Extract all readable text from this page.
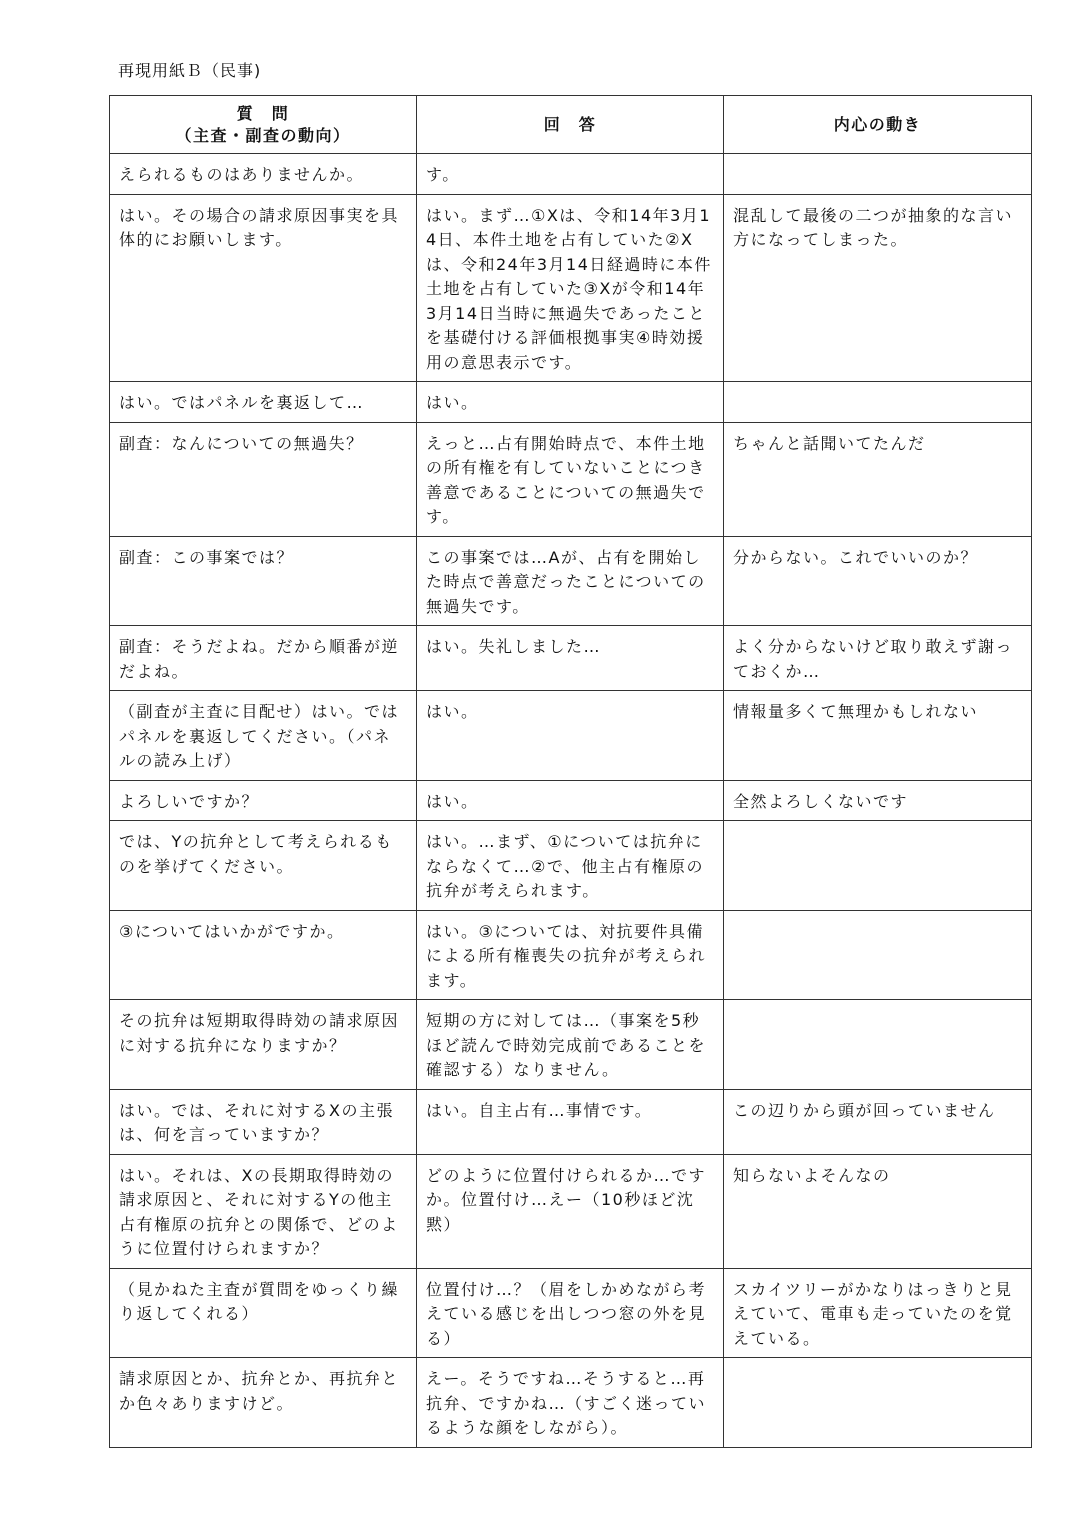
再現用紙Ｂ（民事)
質　問
（主査・副査の動向）	回　答	内心の動き
えられるものはありませんか。	す。	
はい。その場合の請求原因事実を具体的にお願いします。	はい。まず…①Xは、令和14年3月14日、本件土地を占有していた②Xは、令和24年3月14日経過時に本件土地を占有していた③Xが令和14年3月14日当時に無過失であったことを基礎付ける評価根拠事実④時効援用の意思表示です。	混乱して最後の二つが抽象的な言い方になってしまった。
はい。ではパネルを裏返して…	はい。	
副査：なんについての無過失？	えっと…占有開始時点で、本件土地の所有権を有していないことにつき善意であることについての無過失です。	ちゃんと話聞いてたんだ
副査：この事案では？	この事案では…Aが、占有を開始した時点で善意だったことについての無過失です。	分からない。これでいいのか？
副査：そうだよね。だから順番が逆だよね。	はい。失礼しました…	よく分からないけど取り敢えず謝っておくか…
（副査が主査に目配せ）はい。ではパネルを裏返してください。（パネルの読み上げ）	はい。	情報量多くて無理かもしれない
よろしいですか？	はい。	全然よろしくないです
では、Yの抗弁として考えられるものを挙げてください。	はい。…まず、①については抗弁にならなくて…②で、他主占有権原の抗弁が考えられます。	
③についてはいかがですか。	はい。③については、対抗要件具備による所有権喪失の抗弁が考えられます。	
その抗弁は短期取得時効の請求原因に対する抗弁になりますか？	短期の方に対しては…（事案を5秒ほど読んで時効完成前であることを確認する）なりません。	
はい。では、それに対するXの主張は、何を言っていますか？	はい。自主占有…事情です。	この辺りから頭が回っていません
はい。それは、Xの長期取得時効の請求原因と、それに対するYの他主占有権原の抗弁との関係で、どのように位置付けられますか？	どのように位置付けられるか…ですか。位置付け…えー（10秒ほど沈黙）	知らないよそんなの
（見かねた主査が質問をゆっくり繰り返してくれる）	位置付け…？（眉をしかめながら考えている感じを出しつつ窓の外を見る）	スカイツリーがかなりはっきりと見えていて、電車も走っていたのを覚えている。
請求原因とか、抗弁とか、再抗弁とか色々ありますけど。	えー。そうですね…そうすると…再抗弁、ですかね…（すごく迷っているような顔をしながら）。	
